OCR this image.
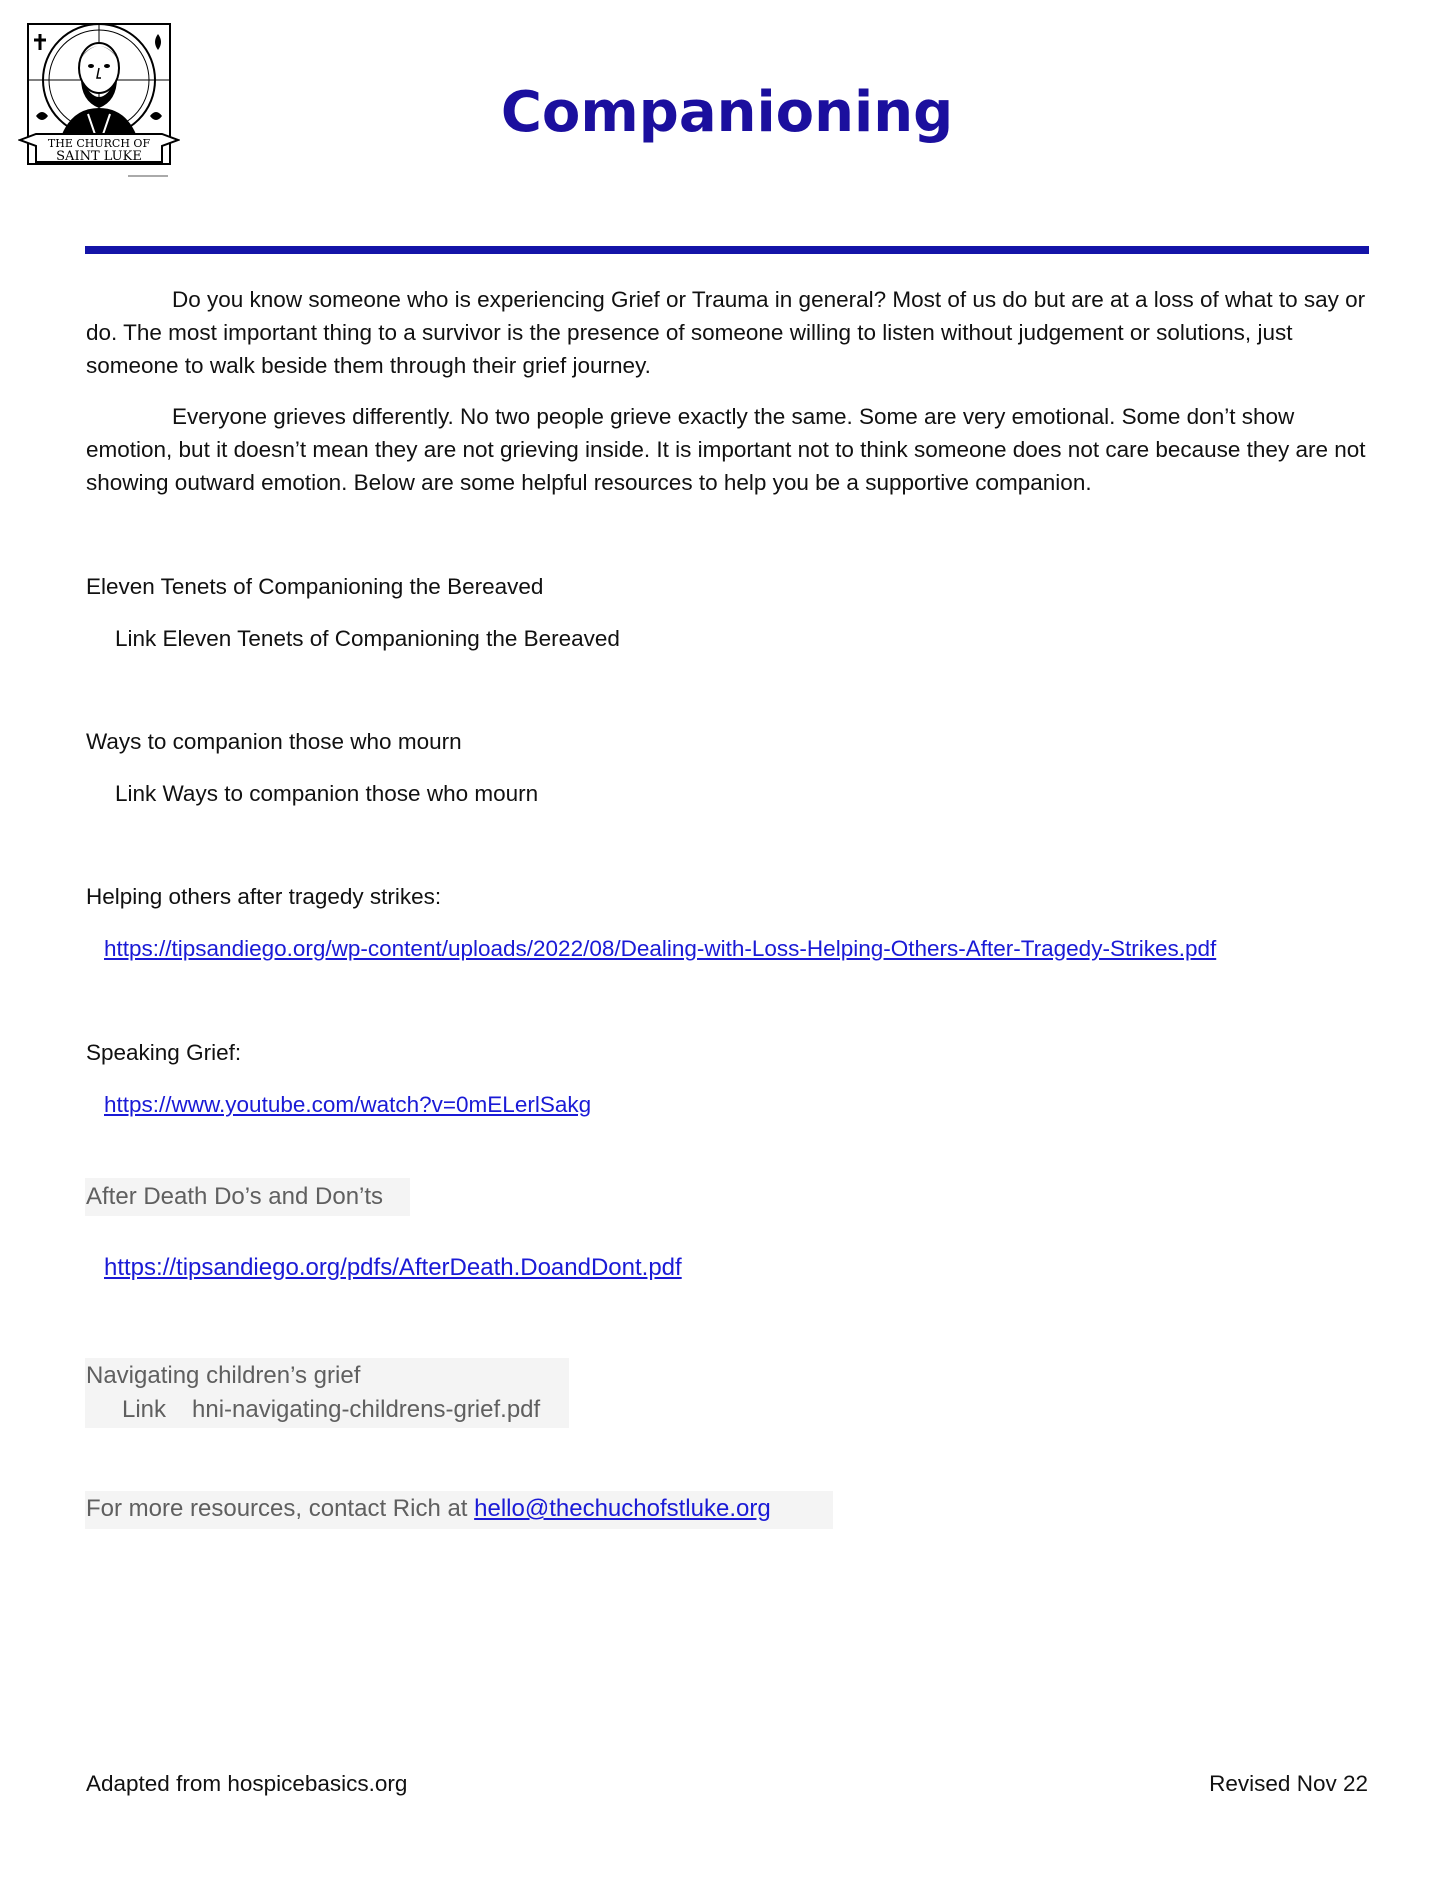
THE CHURCH OF
SAINT LUKE
Companioning
Do you know someone who is experiencing Grief or Trauma in general? Most of us do but are at a loss of what to say or do. The most important thing to a survivor is the presence of someone willing to listen without judgement or solutions, just someone to walk beside them through their grief journey.
Everyone grieves differently. No two people grieve exactly the same. Some are very emotional. Some don’t show emotion, but it doesn’t mean they are not grieving inside. It is important not to think someone does not care because they are not showing outward emotion. Below are some helpful resources to help you be a supportive companion.
Eleven Tenets of Companioning the Bereaved
Link Eleven Tenets of Companioning the Bereaved
Ways to companion those who mourn
Link Ways to companion those who mourn
Helping others after tragedy strikes:
https://tipsandiego.org/wp-content/uploads/2022/08/Dealing-with-Loss-Helping-Others-After-Tragedy-Strikes.pdf
Speaking Grief:
https://www.youtube.com/watch?v=0mELerlSakg
After Death Do’s and Don’ts
https://tipsandiego.org/pdfs/AfterDeath.DoandDont.pdf
Navigating children’s grief
Link hni-navigating-childrens-grief.pdf
For more resources, contact Rich at hello@thechuchofstluke.org
Adapted from hospicebasics.org	Revised Nov 22
